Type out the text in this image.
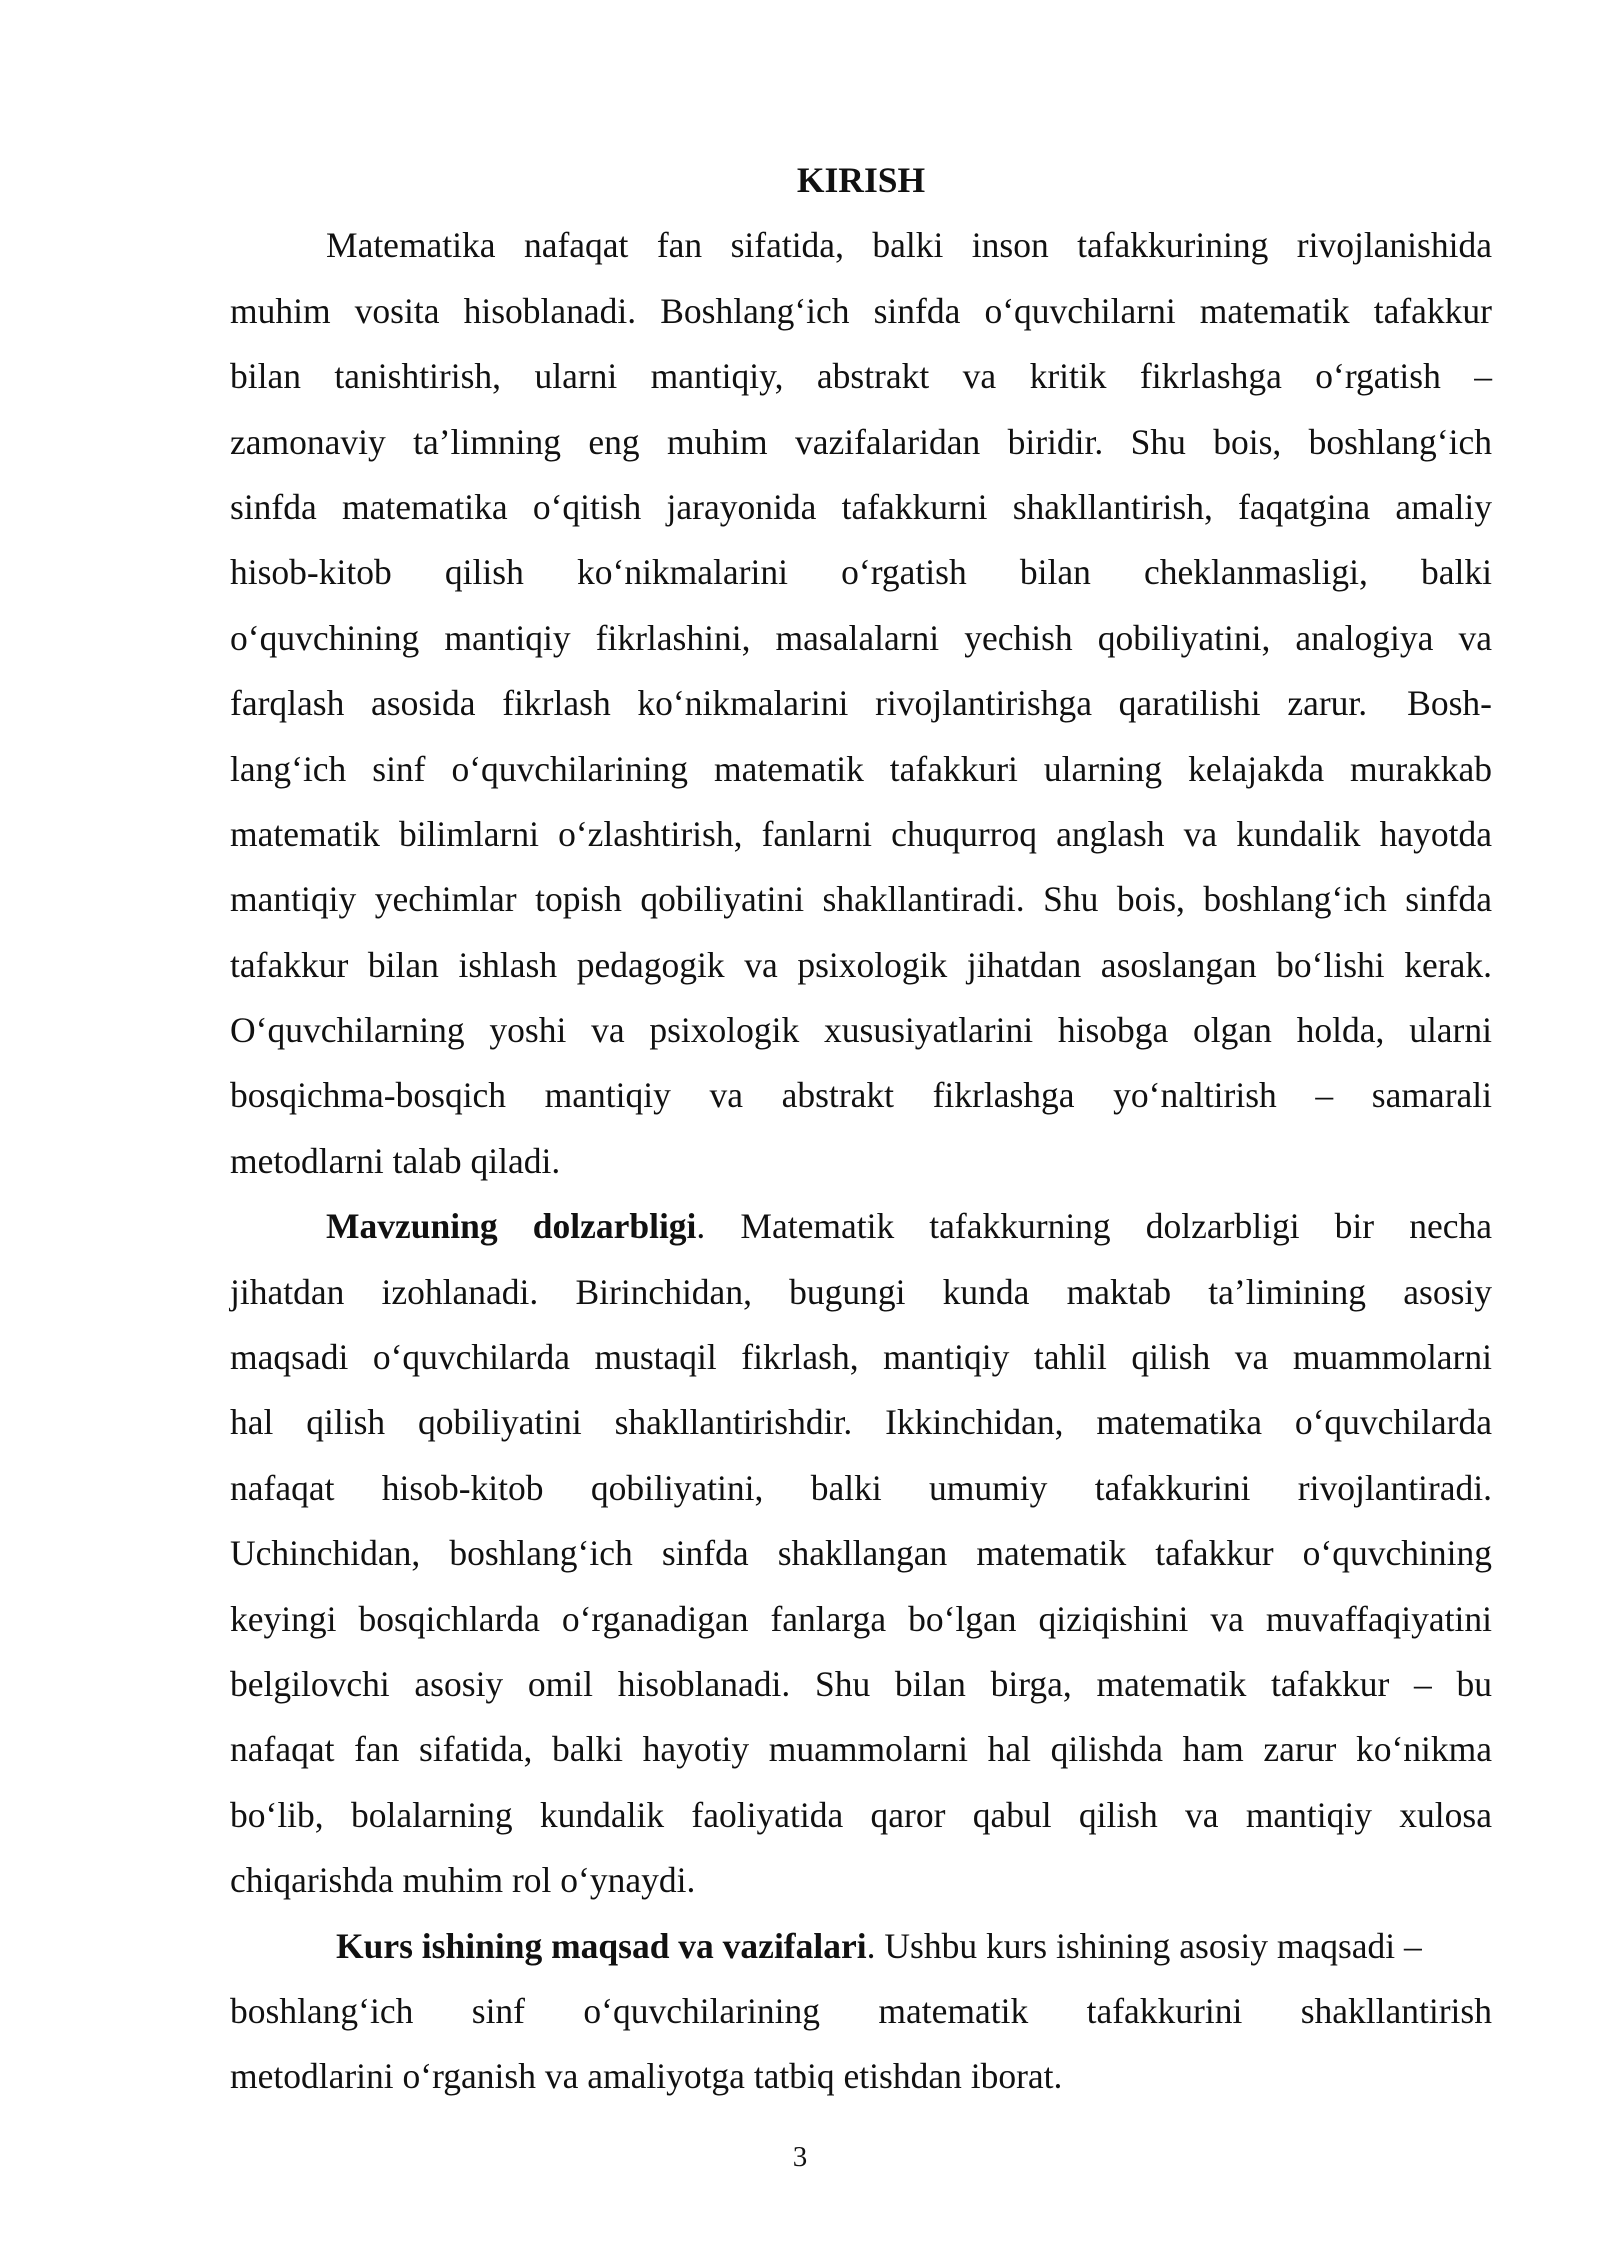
KIRISH
Matematika nafaqat fan sifatida, balki inson tafakkurining rivojlanishida
muhim vosita hisoblanadi. Boshlang‘ich sinfda o‘quvchilarni matematik tafakkur
bilan tanishtirish, ularni mantiqiy, abstrakt va kritik fikrlashga o‘rgatish –
zamonaviy ta’limning eng muhim vazifalaridan biridir. Shu bois, boshlang‘ich
sinfda matematika o‘qitish jarayonida tafakkurni shakllantirish, faqatgina amaliy
hisob-kitob qilish ko‘nikmalarini o‘rgatish bilan cheklanmasligi, balki
o‘quvchining mantiqiy fikrlashini, masalalarni yechish qobiliyatini, analogiya va
farqlash asosida fikrlash ko‘nikmalarini rivojlantirishga qaratilishi zarur. Bosh-
lang‘ich sinf o‘quvchilarining matematik tafakkuri ularning kelajakda murakkab
matematik bilimlarni o‘zlashtirish, fanlarni chuqurroq anglash va kundalik hayotda
mantiqiy yechimlar topish qobiliyatini shakllantiradi. Shu bois, boshlang‘ich sinfda
tafakkur bilan ishlash pedagogik va psixologik jihatdan asoslangan bo‘lishi kerak.
O‘quvchilarning yoshi va psixologik xususiyatlarini hisobga olgan holda, ularni
bosqichma-bosqich mantiqiy va abstrakt fikrlashga yo‘naltirish – samarali
metodlarni talab qiladi.
Mavzuning dolzarbligi. Matematik tafakkurning dolzarbligi bir necha
jihatdan izohlanadi. Birinchidan, bugungi kunda maktab ta’limining asosiy
maqsadi o‘quvchilarda mustaqil fikrlash, mantiqiy tahlil qilish va muammolarni
hal qilish qobiliyatini shakllantirishdir. Ikkinchidan, matematika o‘quvchilarda
nafaqat hisob-kitob qobiliyatini, balki umumiy tafakkurini rivojlantiradi.
Uchinchidan, boshlang‘ich sinfda shakllangan matematik tafakkur o‘quvchining
keyingi bosqichlarda o‘rganadigan fanlarga bo‘lgan qiziqishini va muvaffaqiyatini
belgilovchi asosiy omil hisoblanadi. Shu bilan birga, matematik tafakkur – bu
nafaqat fan sifatida, balki hayotiy muammolarni hal qilishda ham zarur ko‘nikma
bo‘lib, bolalarning kundalik faoliyatida qaror qabul qilish va mantiqiy xulosa
chiqarishda muhim rol o‘ynaydi.
Kurs ishining maqsad va vazifalari. Ushbu kurs ishining asosiy maqsadi –
boshlang‘ich sinf o‘quvchilarining matematik tafakkurini shakllantirish
metodlarini o‘rganish va amaliyotga tatbiq etishdan iborat.
3
